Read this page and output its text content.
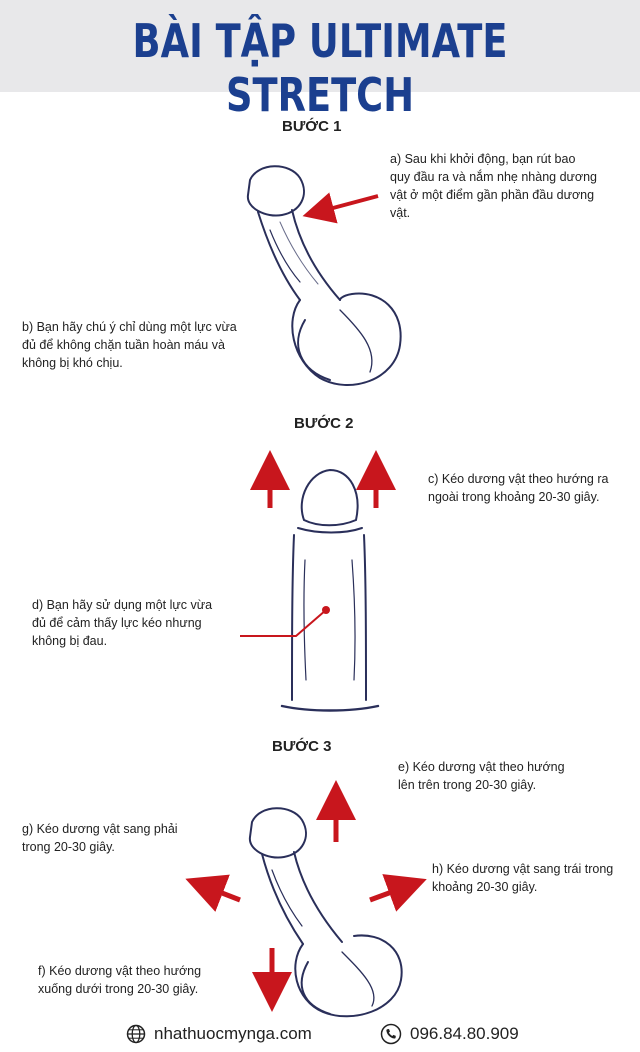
BÀI TẬP ULTIMATE STRETCH
BƯỚC 1
BƯỚC 2
BƯỚC 3
a) Sau khi khởi động, bạn rút bao
quy đầu ra và nắm nhẹ nhàng dương
vật ở một điểm gần phần đầu dương
vật.
b) Bạn hãy chú ý chỉ dùng một lực vừa
đủ để không chặn tuần hoàn máu và
không bị khó chịu.
c) Kéo dương vật theo hướng ra
ngoài trong khoảng 20-30 giây.
d) Bạn hãy sử dụng một lực vừa
đủ để cảm thấy lực kéo nhưng
không bị đau.
e) Kéo dương vật theo hướng
lên trên trong 20-30 giây.
g) Kéo dương vật sang phải
trong 20-30 giây.
h) Kéo dương vật sang trái trong
khoảng 20-30 giây.
f) Kéo dương vật theo hướng
xuống dưới trong 20-30 giây.
nhathuocmynga.com	096.84.80.909
